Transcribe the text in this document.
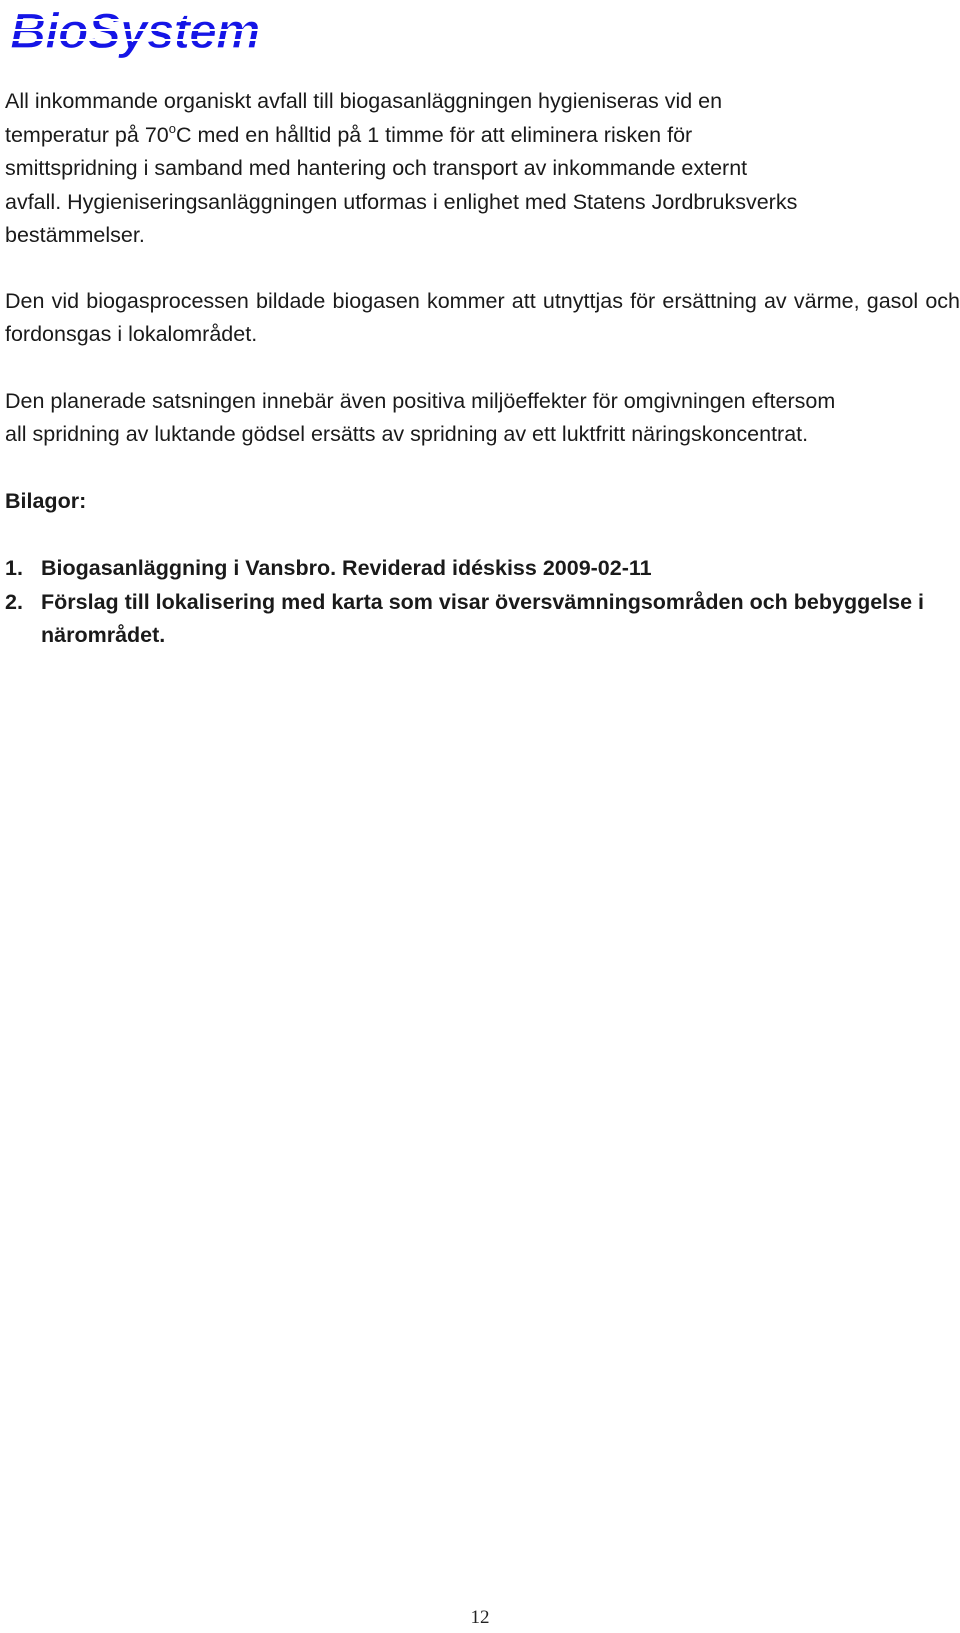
BioSystem

All inkommande organiskt avfall till biogasanläggningen hygieniseras vid en temperatur på 70$^o$C med en hålltid på 1 timme för att eliminera risken för smittspridning i samband med hantering och transport av inkommande externt avfall. Hygieniseringsanläggningen utformas i enlighet med Statens Jordbruksverks bestämmelser.

Den vid biogasprocessen bildade biogasen kommer att utnyttjas för ersättning av värme, gasol och fordonsgas i lokalområdet.

Den planerade satsningen innebär även positiva miljöeffekter för omgivningen eftersom all spridning av luktande gödsel ersätts av spridning av ett luktfritt näringskoncentrat.

Bilagor:

1. Biogasanläggning i Vansbro. Reviderad idéskiss 2009-02-11
2. Förslag till lokalisering med karta som visar översvämningsområden och bebyggelse i närområdet.
12
